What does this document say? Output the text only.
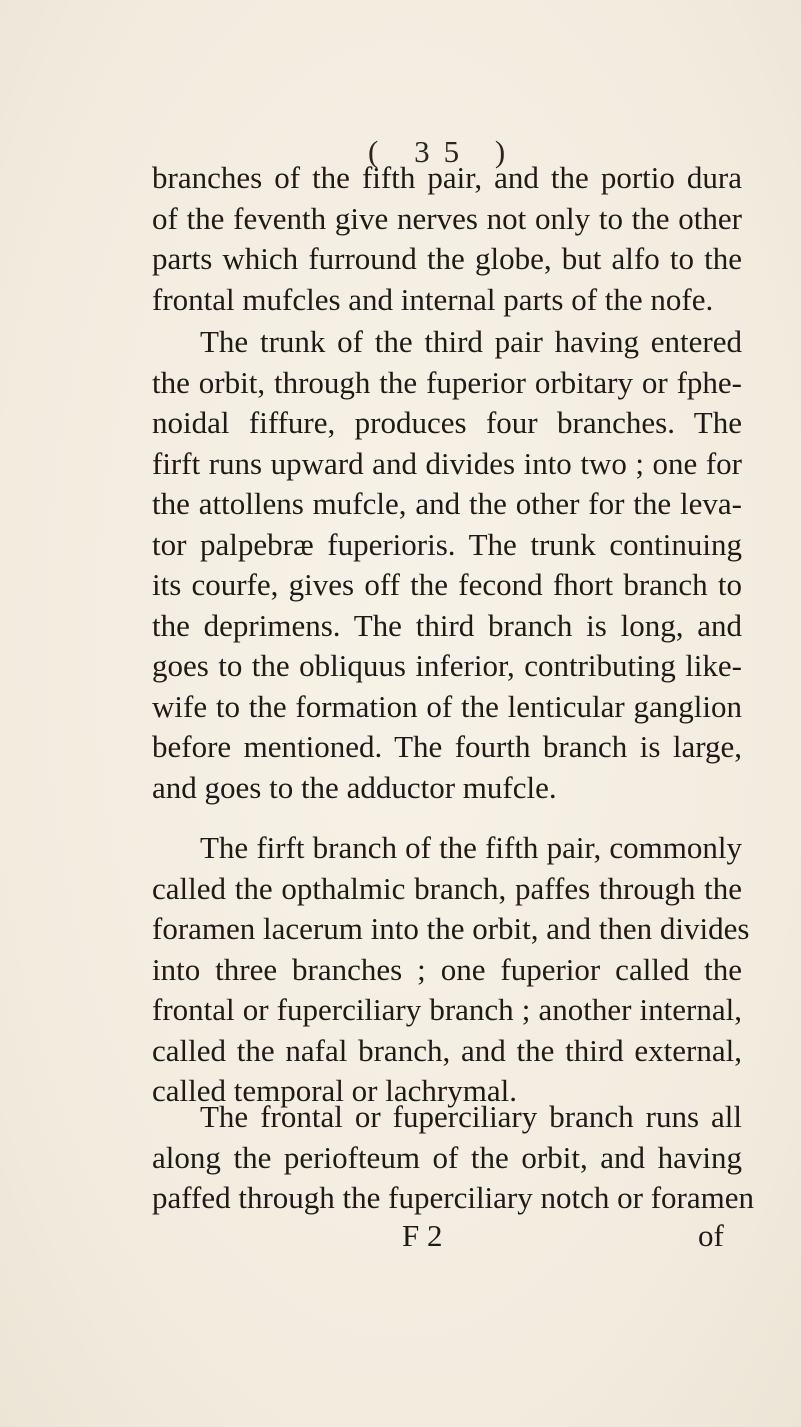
( 35 )
branches of the fifth pair, and the portio dura
of the feventh give nerves not only to the other
parts which furround the globe, but alfo to the
frontal mufcles and internal parts of the nofe.
The trunk of the third pair having entered
the orbit, through the fuperior orbitary or fphe-
noidal fiffure, produces four branches. The
firft runs upward and divides into two ; one for
the attollens mufcle, and the other for the leva-
tor palpebræ fuperioris. The trunk continuing
its courfe, gives off the fecond fhort branch to
the deprimens. The third branch is long, and
goes to the obliquus inferior, contributing like-
wife to the formation of the lenticular ganglion
before mentioned. The fourth branch is large,
and goes to the adductor mufcle.
The firft branch of the fifth pair, commonly
called the opthalmic branch, paffes through the
foramen lacerum into the orbit, and then divides
into three branches ; one fuperior called the
frontal or fuperciliary branch ; another internal,
called the nafal branch, and the third external,
called temporal or lachrymal.
The frontal or fuperciliary branch runs all
along the periofteum of the orbit, and having
paffed through the fuperciliary notch or foramen
F 2	of
